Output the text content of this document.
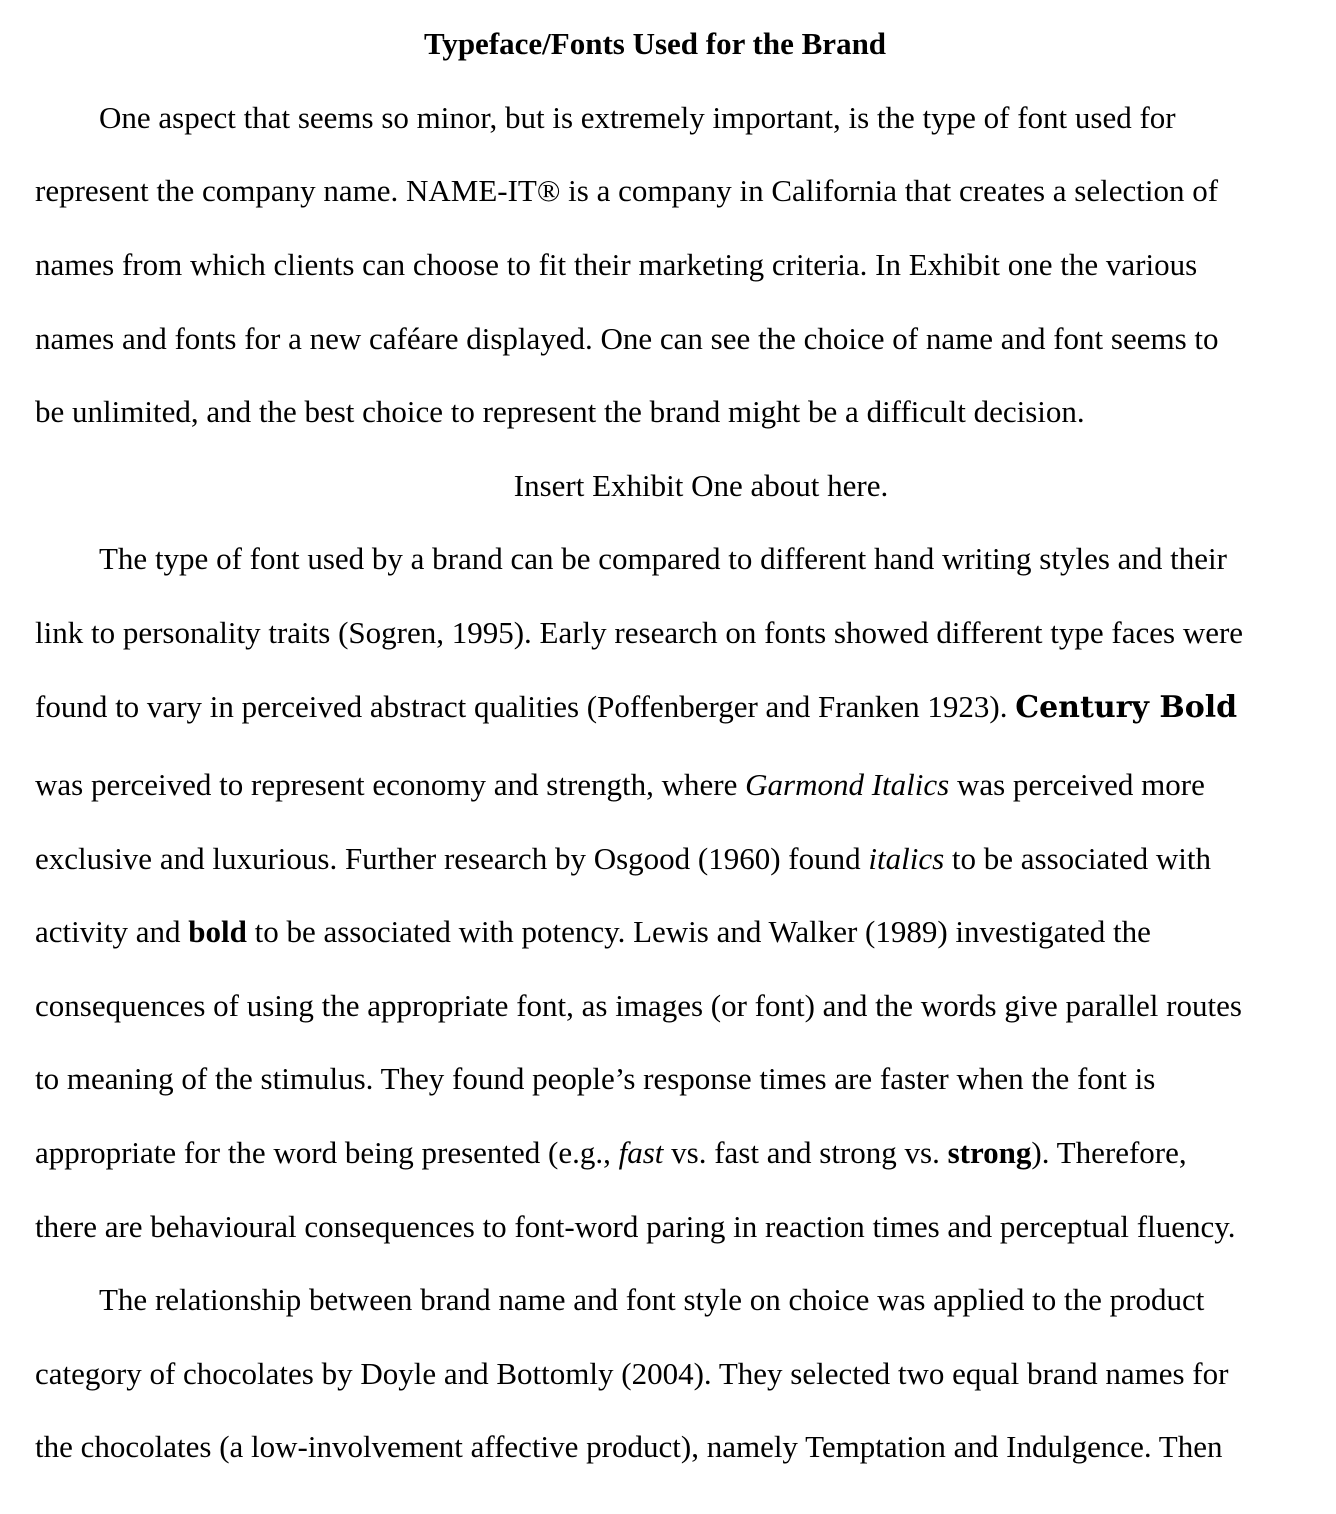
Typeface/Fonts Used for the Brand
One aspect that seems so minor, but is extremely important, is the type of font used for
represent the company name. NAME-IT® is a company in California that creates a selection of
names from which clients can choose to fit their marketing criteria. In Exhibit one the various
names and fonts for a new caféare displayed. One can see the choice of name and font seems to
be unlimited, and the best choice to represent the brand might be a difficult decision.
Insert Exhibit One about here.
The type of font used by a brand can be compared to different hand writing styles and their
link to personality traits (Sogren, 1995). Early research on fonts showed different type faces were
found to vary in perceived abstract qualities (Poffenberger and Franken 1923). Century Bold
was perceived to represent economy and strength, where Garmond Italics was perceived more
exclusive and luxurious. Further research by Osgood (1960) found italics to be associated with
activity and bold to be associated with potency. Lewis and Walker (1989) investigated the
consequences of using the appropriate font, as images (or font) and the words give parallel routes
to meaning of the stimulus. They found people’s response times are faster when the font is
appropriate for the word being presented (e.g., fast vs. fast and strong vs. strong). Therefore,
there are behavioural consequences to font-word paring in reaction times and perceptual fluency.
The relationship between brand name and font style on choice was applied to the product
category of chocolates by Doyle and Bottomly (2004). They selected two equal brand names for
the chocolates (a low-involvement affective product), namely Temptation and Indulgence. Then
